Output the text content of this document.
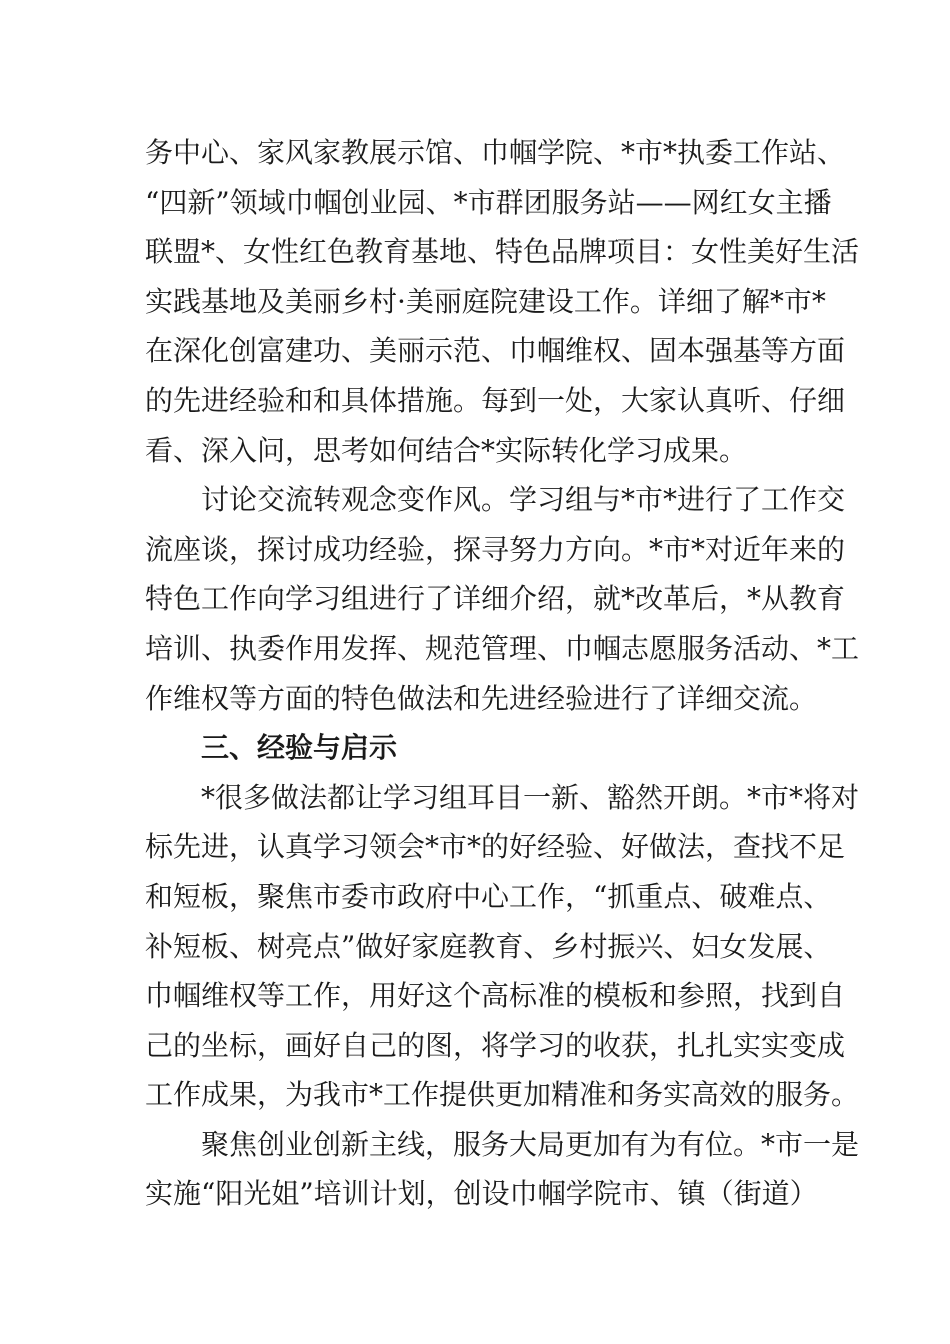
务中心、家风家教展示馆、巾帼学院、*市*执委工作站、
“四新”领域巾帼创业园、*市群团服务站——网红女主播
联盟*、女性红色教育基地、特色品牌项目：女性美好生活
实践基地及美丽乡村·美丽庭院建设工作。详细了解*市*
在深化创富建功、美丽示范、巾帼维权、固本强基等方面
的先进经验和和具体措施。每到一处，大家认真听、仔细
看、深入问，思考如何结合*实际转化学习成果。
讨论交流转观念变作风。学习组与*市*进行了工作交
流座谈，探讨成功经验，探寻努力方向。*市*对近年来的
特色工作向学习组进行了详细介绍，就*改革后，*从教育
培训、执委作用发挥、规范管理、巾帼志愿服务活动、*工
作维权等方面的特色做法和先进经验进行了详细交流。
三、经验与启示
*很多做法都让学习组耳目一新、豁然开朗。*市*将对
标先进，认真学习领会*市*的好经验、好做法，查找不足
和短板，聚焦市委市政府中心工作，“抓重点、破难点、
补短板、树亮点”做好家庭教育、乡村振兴、妇女发展、
巾帼维权等工作，用好这个高标准的模板和参照，找到自
己的坐标，画好自己的图，将学习的收获，扎扎实实变成
工作成果，为我市*工作提供更加精准和务实高效的服务。
聚焦创业创新主线，服务大局更加有为有位。*市一是
实施“阳光姐”培训计划，创设巾帼学院市、镇（街道）
